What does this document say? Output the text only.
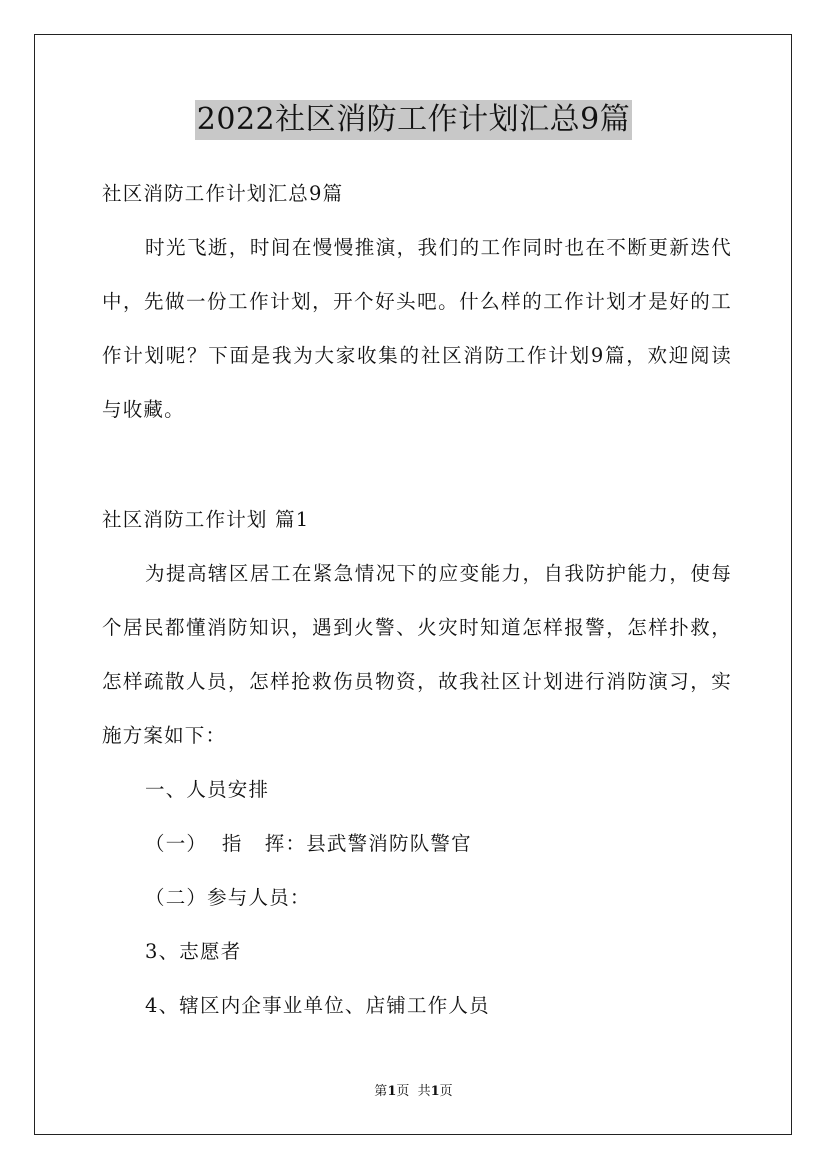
2022社区消防工作计划汇总9篇
社区消防工作计划汇总9篇
时光飞逝，时间在慢慢推演，我们的工作同时也在不断更新迭代
中，先做一份工作计划，开个好头吧。什么样的工作计划才是好的工
作计划呢？下面是我为大家收集的社区消防工作计划9篇，欢迎阅读
与收藏。
社区消防工作计划 篇1
为提高辖区居工在紧急情况下的应变能力，自我防护能力，使每
个居民都懂消防知识，遇到火警、火灾时知道怎样报警，怎样扑救，
怎样疏散人员，怎样抢救伤员物资，故我社区计划进行消防演习，实
施方案如下：
一、人员安排
（一）  指   挥：县武警消防队警官
（二）参与人员：
3、志愿者
4、辖区内企事业单位、店铺工作人员
第1页  共1页
